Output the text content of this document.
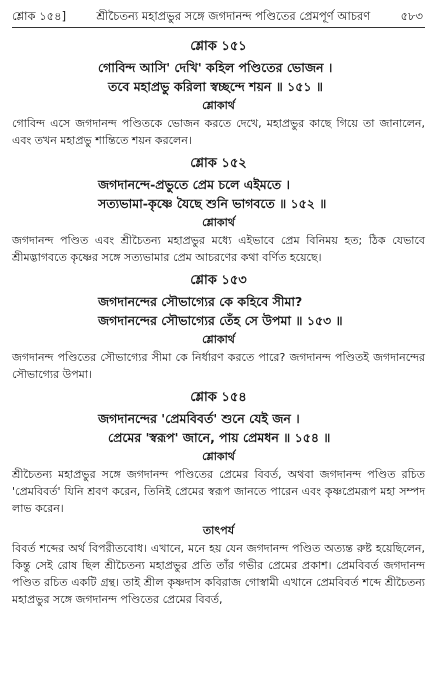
শ্লোক ১৫৪]	শ্রীচৈতন্য মহাপ্রভুর সঙ্গে জগদানন্দ পণ্ডিতের প্রেমপূর্ণ আচরণ	৫৮৩
শ্লোক ১৫১
গোবিন্দ আসি' দেখি' কহিল পণ্ডিতের ভোজন ।
তবে মহাপ্রভু করিলা স্বচ্ছন্দে শয়ন ॥ ১৫১ ॥
শ্লোকার্থ

গোবিন্দ এসে জগদানন্দ পণ্ডিতকে ভোজন করতে দেখে, মহাপ্রভুর কাছে গিয়ে তা জানালেন, এবং তখন মহাপ্রভু শান্তিতে শয়ন করলেন।

শ্লোক ১৫২
জগদানন্দে-প্রভুতে প্রেম চলে এইমতে ।
সত্যভামা-কৃষ্ণে যৈছে শুনি ভাগবতে ॥ ১৫২ ॥
শ্লোকার্থ

জগদানন্দ পণ্ডিত এবং শ্রীচৈতন্য মহাপ্রভুর মধ্যে এইভাবে প্রেম বিনিময় হত; ঠিক যেভাবে শ্রীমদ্ভাগবতে কৃষ্ণের সঙ্গে সত্যভামার প্রেম আচরণের কথা বর্ণিত হয়েছে।

শ্লোক ১৫৩
জগদানন্দের সৌভাগ্যের কে কহিবে সীমা?
জগদানন্দের সৌভাগ্যের তেঁহ সে উপমা ॥ ১৫৩ ॥
শ্লোকার্থ

জগদানন্দ পণ্ডিতের সৌভাগ্যের সীমা কে নির্ধারণ করতে পারে? জগদানন্দ পণ্ডিতই জগদানন্দের সৌভাগ্যের উপমা।

শ্লোক ১৫৪
জগদানন্দের 'প্রেমবিবর্ত' শুনে যেই জন ।
প্রেমের 'স্বরূপ' জানে, পায় প্রেমধন ॥ ১৫৪ ॥
শ্লোকার্থ

শ্রীচৈতন্য মহাপ্রভুর সঙ্গে জগদানন্দ পণ্ডিতের প্রেমের বিবর্ত, অথবা জগদানন্দ পণ্ডিত রচিত 'প্রেমবিবর্ত' যিনি শ্রবণ করেন, তিনিই প্রেমের স্বরূপ জানতে পারেন এবং কৃষ্ণপ্রেমরূপ মহা সম্পদ লাভ করেন।

তাৎপর্য

বিবর্ত শব্দের অর্থ বিপরীতবোধ। এখানে, মনে হয় যেন জগদানন্দ পণ্ডিত অত্যন্ত রুষ্ট হয়েছিলেন, কিন্তু সেই রোষ ছিল শ্রীচৈতন্য মহাপ্রভুর প্রতি তাঁর গভীর প্রেমের প্রকাশ। প্রেমবিবর্ত জগদানন্দ পণ্ডিত রচিত একটি গ্রন্থ। তাই শ্রীল কৃষ্ণদাস কবিরাজ গোস্বামী এখানে প্রেমবিবর্ত শব্দে শ্রীচৈতন্য মহাপ্রভুর সঙ্গে জগদানন্দ পণ্ডিতের প্রেমের বিবর্ত,
